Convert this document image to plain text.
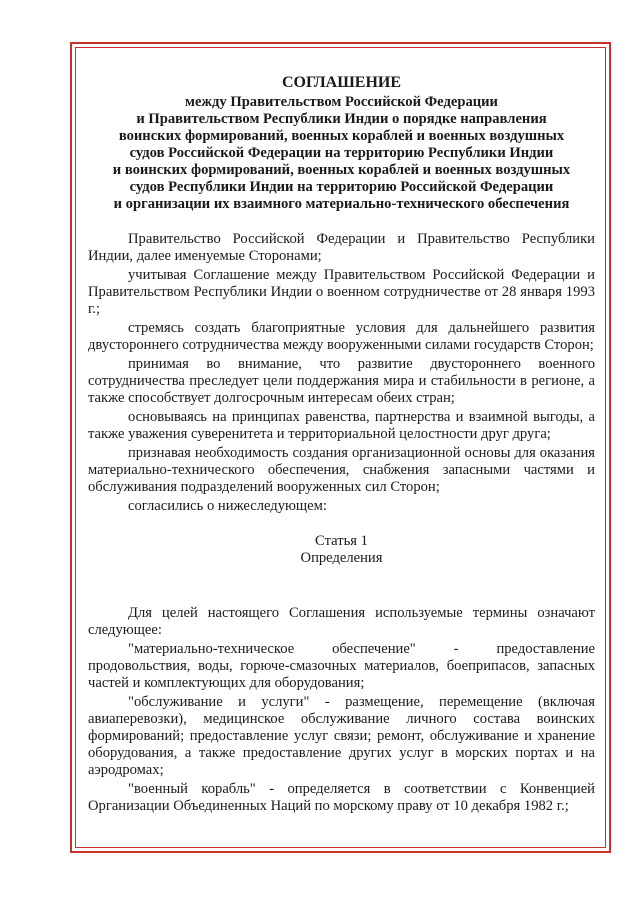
СОГЛАШЕНИЕ
между Правительством Российской Федерации
и Правительством Республики Индии о порядке направления
воинских формирований, военных кораблей и военных воздушных
судов Российской Федерации на территорию Республики Индии
и воинских формирований, военных кораблей и военных воздушных
судов Республики Индии на территорию Российской Федерации
и организации их взаимного материально-технического обеспечения

Правительство Российской Федерации и Правительство Республики Индии, далее именуемые Сторонами;

учитывая Соглашение между Правительством Российской Федерации и Правительством Республики Индии о военном сотрудничестве от 28 января 1993 г.;

стремясь создать благоприятные условия для дальнейшего развития двустороннего сотрудничества между вооруженными силами государств Сторон;

принимая во внимание, что развитие двустороннего военного сотрудничества преследует цели поддержания мира и стабильности в регионе, а также способствует долгосрочным интересам обеих стран;

основываясь на принципах равенства, партнерства и взаимной выгоды, а также уважения суверенитета и территориальной целостности друг друга;

признавая необходимость создания организационной основы для оказания материально-технического обеспечения, снабжения запасными частями и обслуживания подразделений вооруженных сил Сторон;

согласились о нижеследующем:

Статья 1
Определения

Для целей настоящего Соглашения используемые термины означают следующее:

"материально-техническое обеспечение" - предоставление продовольствия, воды, горюче-смазочных материалов, боеприпасов, запасных частей и комплектующих для оборудования;

"обслуживание и услуги" - размещение, перемещение (включая авиаперевозки), медицинское обслуживание личного состава воинских формирований; предоставление услуг связи; ремонт, обслуживание и хранение оборудования, а также предоставление других услуг в морских портах и на аэродромах;

"военный корабль" - определяется в соответствии с Конвенцией Организации Объединенных Наций по морскому праву от 10 декабря 1982 г.;
